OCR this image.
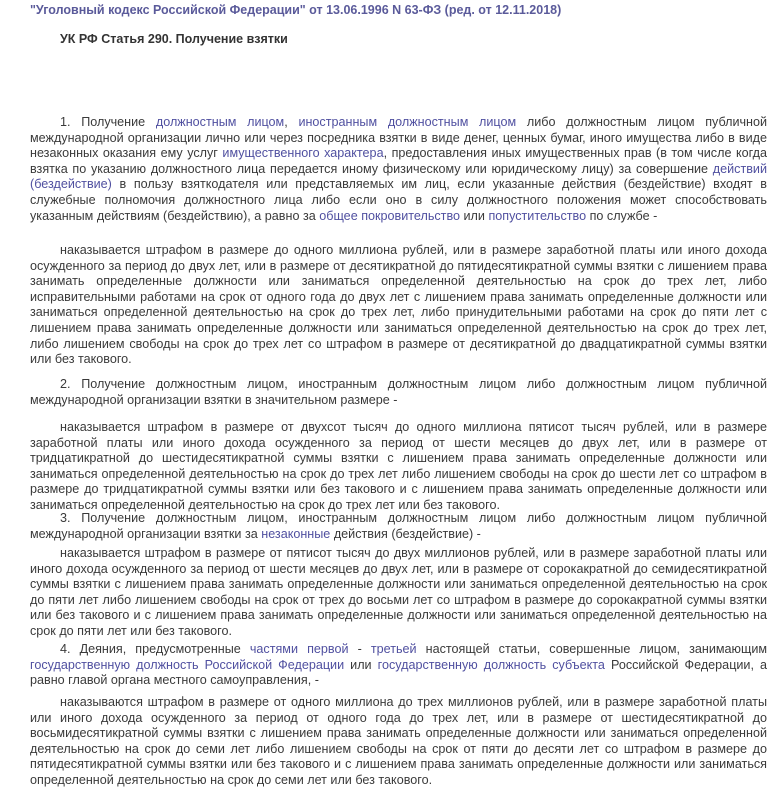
"Уголовный кодекс Российской Федерации" от 13.06.1996 N 63-ФЗ (ред. от 12.11.2018)
УК РФ Статья 290. Получение взятки

1. Получение должностным лицом, иностранным должностным лицом либо должностным лицом публичной международной организации лично или через посредника взятки в виде денег, ценных бумаг, иного имущества либо в виде незаконных оказания ему услуг имущественного характера, предоставления иных имущественных прав (в том числе когда взятка по указанию должностного лица передается иному физическому или юридическому лицу) за совершение действий (бездействие) в пользу взяткодателя или представляемых им лиц, если указанные действия (бездействие) входят в служебные полномочия должностного лица либо если оно в силу должностного положения может способствовать указанным действиям (бездействию), а равно за общее покровительство или попустительство по службе -

наказывается штрафом в размере до одного миллиона рублей, или в размере заработной платы или иного дохода осужденного за период до двух лет, или в размере от десятикратной до пятидесятикратной суммы взятки с лишением права занимать определенные должности или заниматься определенной деятельностью на срок до трех лет, либо исправительными работами на срок от одного года до двух лет с лишением права занимать определенные должности или заниматься определенной деятельностью на срок до трех лет, либо принудительными работами на срок до пяти лет с лишением права занимать определенные должности или заниматься определенной деятельностью на срок до трех лет, либо лишением свободы на срок до трех лет со штрафом в размере от десятикратной до двадцатикратной суммы взятки или без такового.

2. Получение должностным лицом, иностранным должностным лицом либо должностным лицом публичной международной организации взятки в значительном размере -

наказывается штрафом в размере от двухсот тысяч до одного миллиона пятисот тысяч рублей, или в размере заработной платы или иного дохода осужденного за период от шести месяцев до двух лет, или в размере от тридцатикратной до шестидесятикратной суммы взятки с лишением права занимать определенные должности или заниматься определенной деятельностью на срок до трех лет либо лишением свободы на срок до шести лет со штрафом в размере до тридцатикратной суммы взятки или без такового и с лишением права занимать определенные должности или заниматься определенной деятельностью на срок до трех лет или без такового.

3. Получение должностным лицом, иностранным должностным лицом либо должностным лицом публичной международной организации взятки за незаконные действия (бездействие) -

наказывается штрафом в размере от пятисот тысяч до двух миллионов рублей, или в размере заработной платы или иного дохода осужденного за период от шести месяцев до двух лет, или в размере от сорокакратной до семидесятикратной суммы взятки с лишением права занимать определенные должности или заниматься определенной деятельностью на срок до пяти лет либо лишением свободы на срок от трех до восьми лет со штрафом в размере до сорокакратной суммы взятки или без такового и с лишением права занимать определенные должности или заниматься определенной деятельностью на срок до пяти лет или без такового.

4. Деяния, предусмотренные частями первой - третьей настоящей статьи, совершенные лицом, занимающим государственную должность Российской Федерации или государственную должность субъекта Российской Федерации, а равно главой органа местного самоуправления, -

наказываются штрафом в размере от одного миллиона до трех миллионов рублей, или в размере заработной платы или иного дохода осужденного за период от одного года до трех лет, или в размере от шестидесятикратной до восьмидесятикратной суммы взятки с лишением права занимать определенные должности или заниматься определенной деятельностью на срок до семи лет либо лишением свободы на срок от пяти до десяти лет со штрафом в размере до пятидесятикратной суммы взятки или без такового и с лишением права занимать определенные должности или заниматься определенной деятельностью на срок до семи лет или без такового.
